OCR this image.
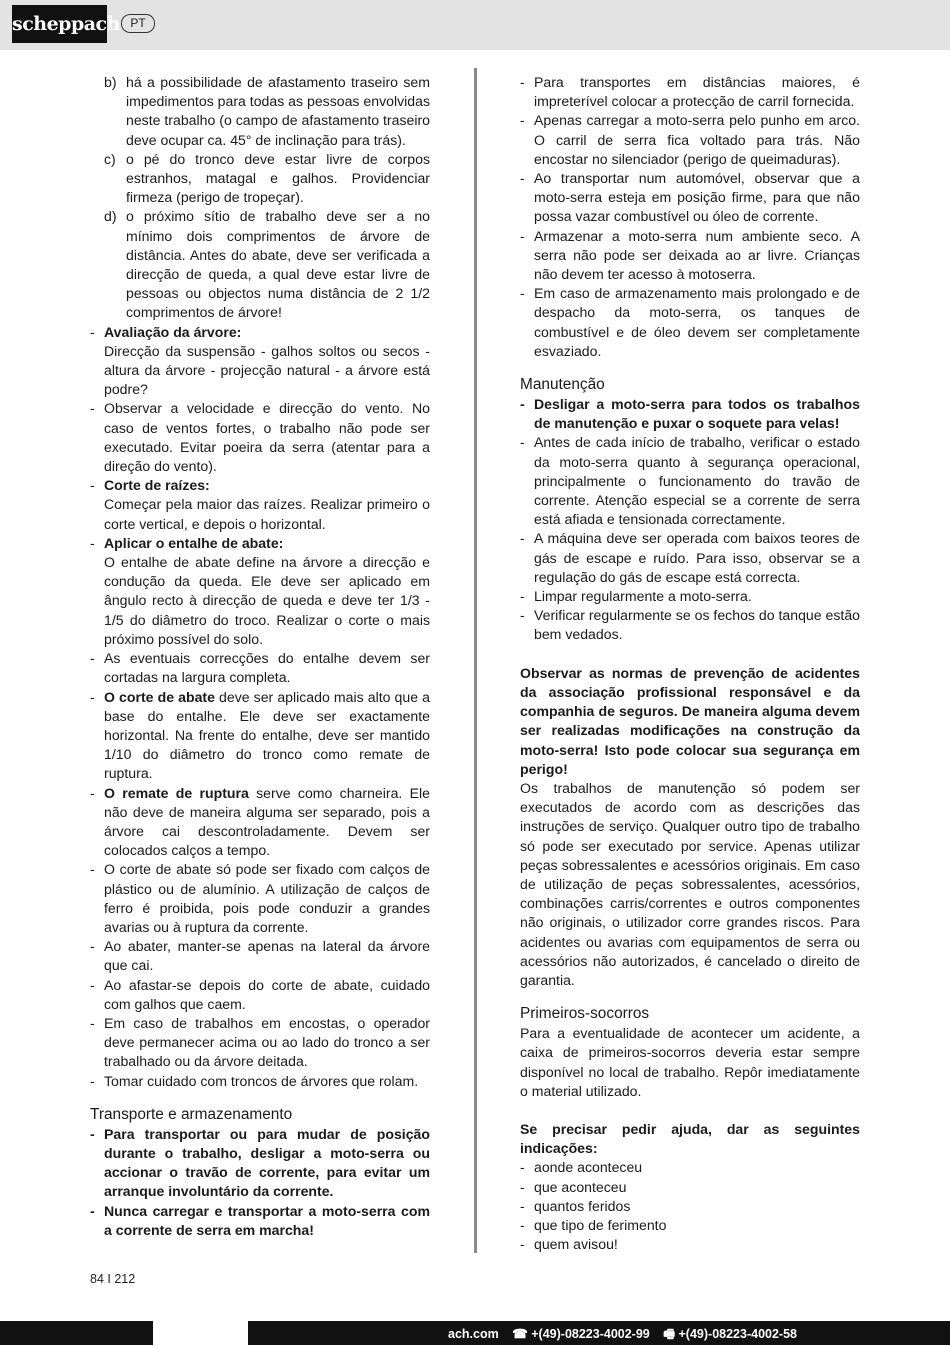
scheppach PT
b) há a possibilidade de afastamento traseiro sem impedimentos para todas as pessoas envolvidas neste trabalho (o campo de afastamento traseiro deve ocupar ca. 45° de inclinação para trás).
c) o pé do tronco deve estar livre de corpos estranhos, matagal e galhos. Providenciar firmeza (perigo de tropeçar).
d) o próximo sítio de trabalho deve ser a no mínimo dois comprimentos de árvore de distância. Antes do abate, deve ser verificada a direcção de queda, a qual deve estar livre de pessoas ou objectos numa distância de 2 1/2 comprimentos de árvore!
- Avaliação da árvore:
Direcção da suspensão - galhos soltos ou secos - altura da árvore - projecção natural - a árvore está podre?
- Observar a velocidade e direcção do vento. No caso de ventos fortes, o trabalho não pode ser executado. Evitar poeira da serra (atentar para a direção do vento).
- Corte de raízes:
Começar pela maior das raízes. Realizar primeiro o corte vertical, e depois o horizontal.
- Aplicar o entalhe de abate:
O entalhe de abate define na árvore a direcção e condução da queda. Ele deve ser aplicado em ângulo recto à direcção de queda e deve ter 1/3 - 1/5 do diâmetro do troco. Realizar o corte o mais próximo possível do solo.
- As eventuais correcções do entalhe devem ser cortadas na largura completa.
- O corte de abate deve ser aplicado mais alto que a base do entalhe. Ele deve ser exactamente horizontal. Na frente do entalhe, deve ser mantido 1/10 do diâmetro do tronco como remate de ruptura.
- O remate de ruptura serve como charneira. Ele não deve de maneira alguma ser separado, pois a árvore cai descontroladamente. Devem ser colocados calços a tempo.
- O corte de abate só pode ser fixado com calços de plástico ou de alumínio. A utilização de calços de ferro é proibida, pois pode conduzir a grandes avarias ou à ruptura da corrente.
- Ao abater, manter-se apenas na lateral da árvore que cai.
- Ao afastar-se depois do corte de abate, cuidado com galhos que caem.
- Em caso de trabalhos em encostas, o operador deve permanecer acima ou ao lado do tronco a ser trabalhado ou da árvore deitada.
- Tomar cuidado com troncos de árvores que rolam.
Transporte e armazenamento
- Para transportar ou para mudar de posição durante o trabalho, desligar a moto-serra ou accionar o travão de corrente, para evitar um arranque involuntário da corrente.
- Nunca carregar e transportar a moto-serra com a corrente de serra em marcha!
- Para transportes em distâncias maiores, é impreterível colocar a protecção de carril fornecida.
- Apenas carregar a moto-serra pelo punho em arco. O carril de serra fica voltado para trás. Não encostar no silenciador (perigo de queimaduras).
- Ao transportar num automóvel, observar que a moto-serra esteja em posição firme, para que não possa vazar combustível ou óleo de corrente.
- Armazenar a moto-serra num ambiente seco. A serra não pode ser deixada ao ar livre. Crianças não devem ter acesso à motoserra.
- Em caso de armazenamento mais prolongado e de despacho da moto-serra, os tanques de combustível e de óleo devem ser completamente esvaziado.
Manutenção
- Desligar a moto-serra para todos os trabalhos de manutenção e puxar o soquete para velas!
- Antes de cada início de trabalho, verificar o estado da moto-serra quanto à segurança operacional, principalmente o funcionamento do travão de corrente. Atenção especial se a corrente de serra está afiada e tensionada correctamente.
- A máquina deve ser operada com baixos teores de gás de escape e ruído. Para isso, observar se a regulação do gás de escape está correcta.
- Limpar regularmente a moto-serra.
- Verificar regularmente se os fechos do tanque estão bem vedados.

Observar as normas de prevenção de acidentes da associação profissional responsável e da companhia de seguros. De maneira alguma devem ser realizadas modificações na construção da moto-serra! Isto pode colocar sua segurança em perigo!

Os trabalhos de manutenção só podem ser executados de acordo com as descrições das instruções de serviço. Qualquer outro tipo de trabalho só pode ser executado por service. Apenas utilizar peças sobressalentes e acessórios originais. Em caso de utilização de peças sobressalentes, acessórios, combinações carris/correntes e outros componentes não originais, o utilizador corre grandes riscos. Para acidentes ou avarias com equipamentos de serra ou acessórios não autorizados, é cancelado o direito de garantia.

Primeiros-socorros

Para a eventualidade de acontecer um acidente, a caixa de primeiros-socorros deveria estar sempre disponível no local de trabalho. Repôr imediatamente o material utilizado.

Se precisar pedir ajuda, dar as seguintes indicações:

- aonde aconteceu
- que aconteceu
- quantos feridos
- que tipo de ferimento
- quem avisou!
84 I 212
ach.com ☎ +(49)-08223-4002-99 🖷 +(49)-08223-4002-58
